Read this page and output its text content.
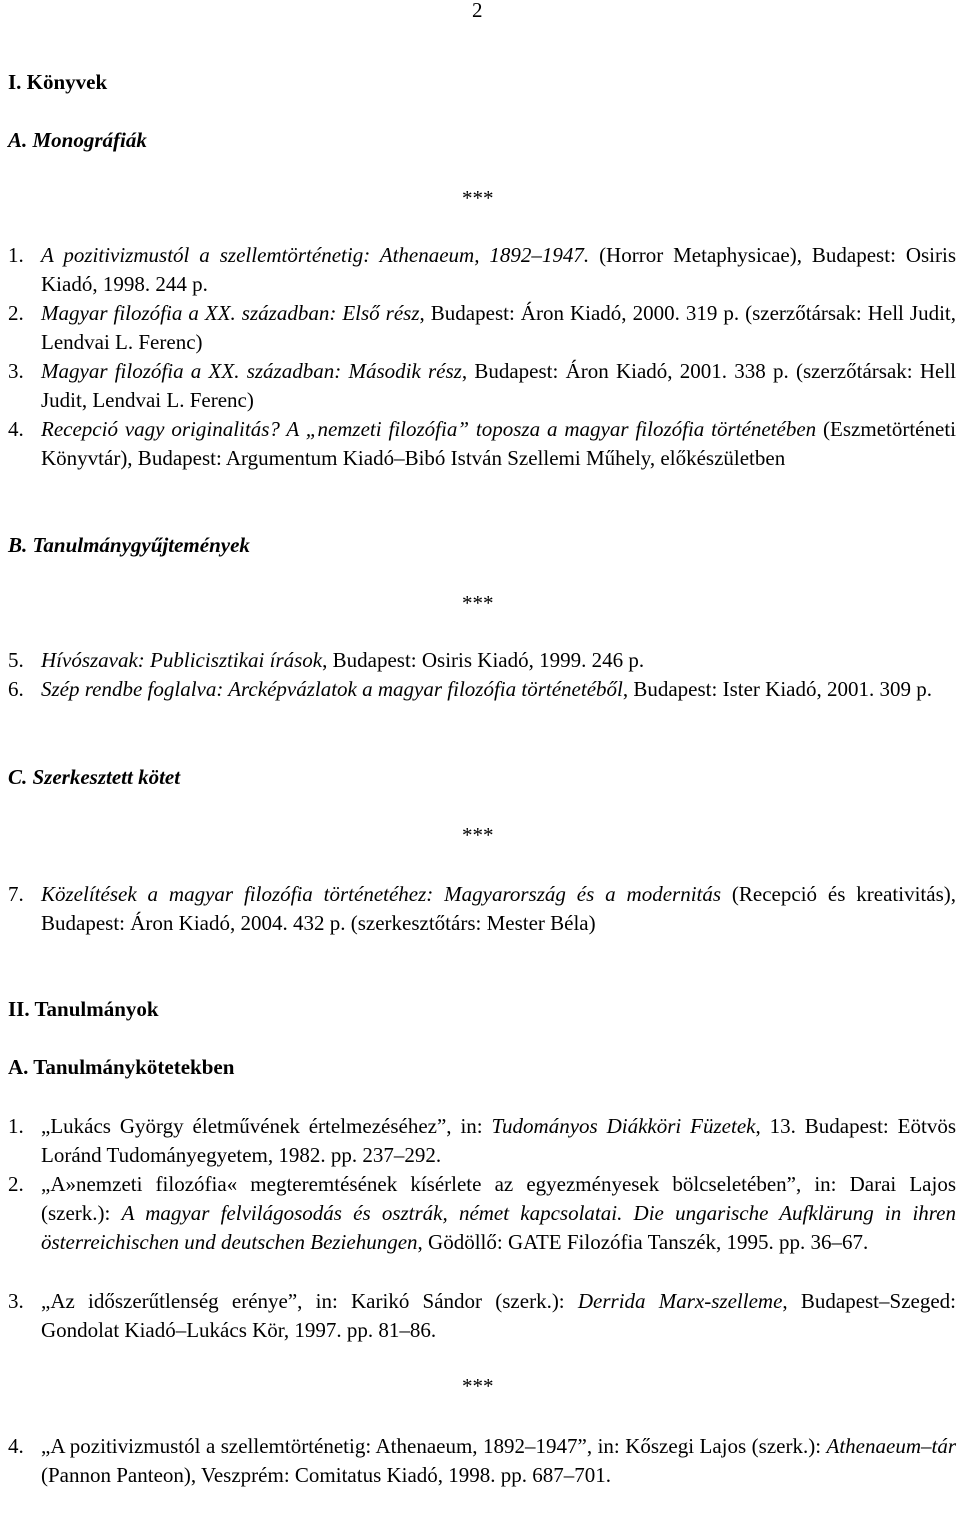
2
I. Könyvek
A. Monográfiák
***
1. A pozitivizmustól a szellemtörténetig: Athenaeum, 1892–1947. (Horror Metaphysicae), Budapest: Osiris Kiadó, 1998. 244 p.
2. Magyar filozófia a XX. században: Első rész, Budapest: Áron Kiadó, 2000. 319 p. (szerzőtársak: Hell Judit, Lendvai L. Ferenc)
3. Magyar filozófia a XX. században: Második rész, Budapest: Áron Kiadó, 2001. 338 p. (szerzőtársak: Hell Judit, Lendvai L. Ferenc)
4. Recepció vagy originalitás? A „nemzeti filozófia” toposza a magyar filozófia történetében (Eszmetörténeti Könyvtár), Budapest: Argumentum Kiadó–Bibó István Szellemi Műhely, előkészületben
B. Tanulmánygyűjtemények
***
5. Hívószavak: Publicisztikai írások, Budapest: Osiris Kiadó, 1999. 246 p.
6. Szép rendbe foglalva: Arcképvázlatok a magyar filozófia történetéből, Budapest: Ister Kiadó, 2001. 309 p.
C. Szerkesztett kötet
***
7. Közelítések a magyar filozófia történetéhez: Magyarország és a modernitás (Recepció és kreativitás), Budapest: Áron Kiadó, 2004. 432 p. (szerkesztőtárs: Mester Béla)
II. Tanulmányok
A. Tanulmánykötetekben
1. „Lukács György életművének értelmezéséhez”, in: Tudományos Diákköri Füzetek, 13. Budapest: Eötvös Loránd Tudományegyetem, 1982. pp. 237–292.
2. „A»nemzeti filozófia« megteremtésének kísérlete az egyezményesek bölcseletében”, in: Darai Lajos (szerk.): A magyar felvilágosodás és osztrák, német kapcsolatai. Die ungarische Aufklärung in ihren österreichischen und deutschen Beziehungen, Gödöllő: GATE Filozófia Tanszék, 1995. pp. 36–67.
3. „Az időszerűtlenség erénye”, in: Karikó Sándor (szerk.): Derrida Marx-szelleme, Budapest–Szeged: Gondolat Kiadó–Lukács Kör, 1997. pp. 81–86.
***
4. „A pozitivizmustól a szellemtörténetig: Athenaeum, 1892–1947”, in: Kőszegi Lajos (szerk.): Athenaeum–tár (Pannon Panteon), Veszprém: Comitatus Kiadó, 1998. pp. 687–701.
